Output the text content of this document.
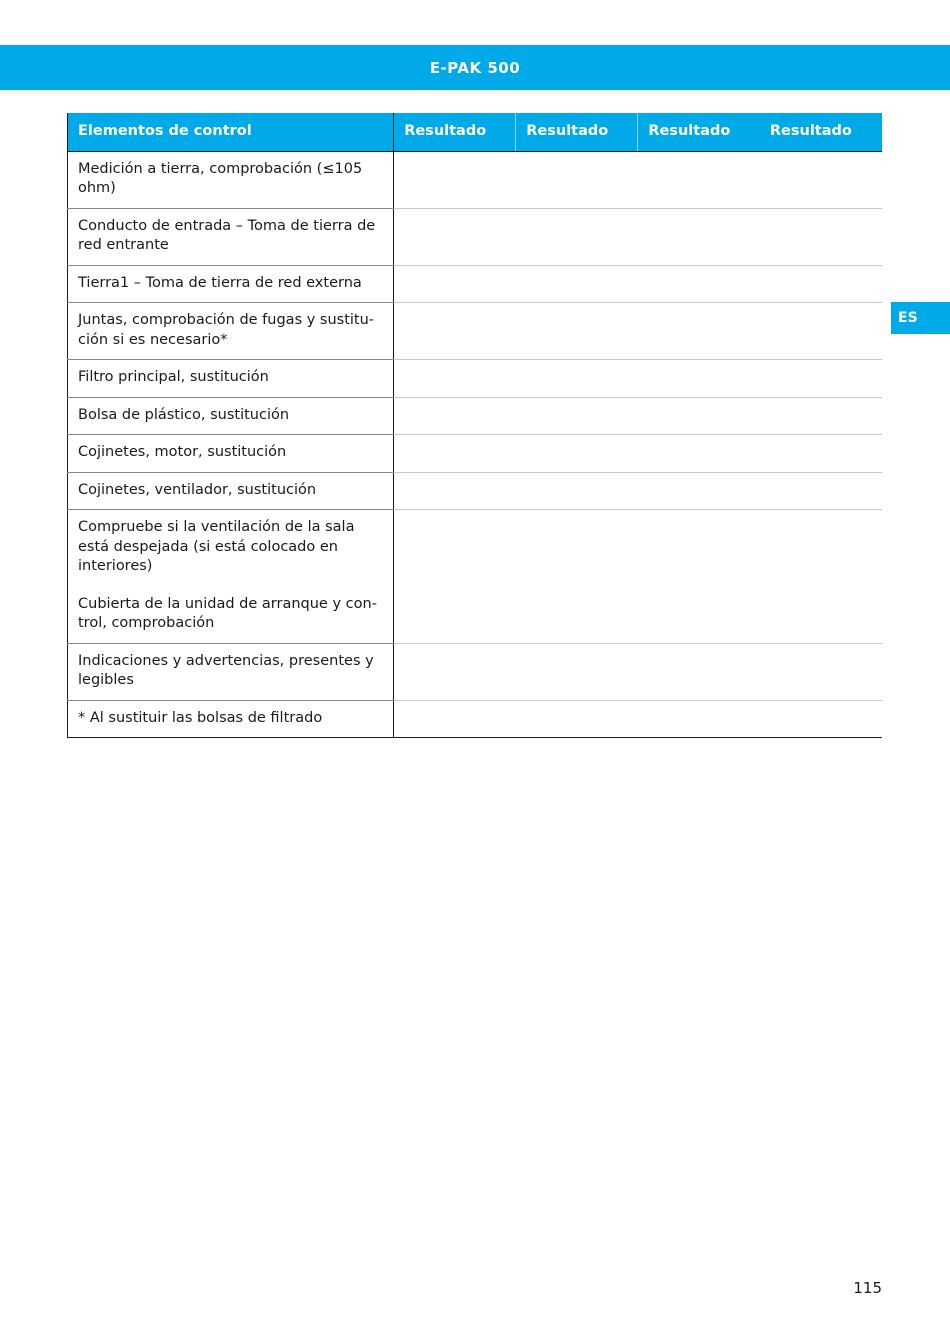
E-PAK 500
ES
Elementos de control	Resultado	Resultado	Resultado	Resultado
Medición a tierra, comprobación (≤105 ohm)				
Conducto de entrada – Toma de tierra de red entrante				
Tierra1 – Toma de tierra de red externa				
Juntas, comprobación de fugas y sustitu-ción si es necesario*				
Filtro principal, sustitución				
Bolsa de plástico, sustitución				
Cojinetes, motor, sustitución				
Cojinetes, ventilador, sustitución				
Compruebe si la ventilación de la sala está despejada (si está colocado en interiores)
Cubierta de la unidad de arranque y con-trol, comprobación				

Indicaciones y advertencias, presentes y legibles				
* Al sustituir las bolsas de filtrado				
115
